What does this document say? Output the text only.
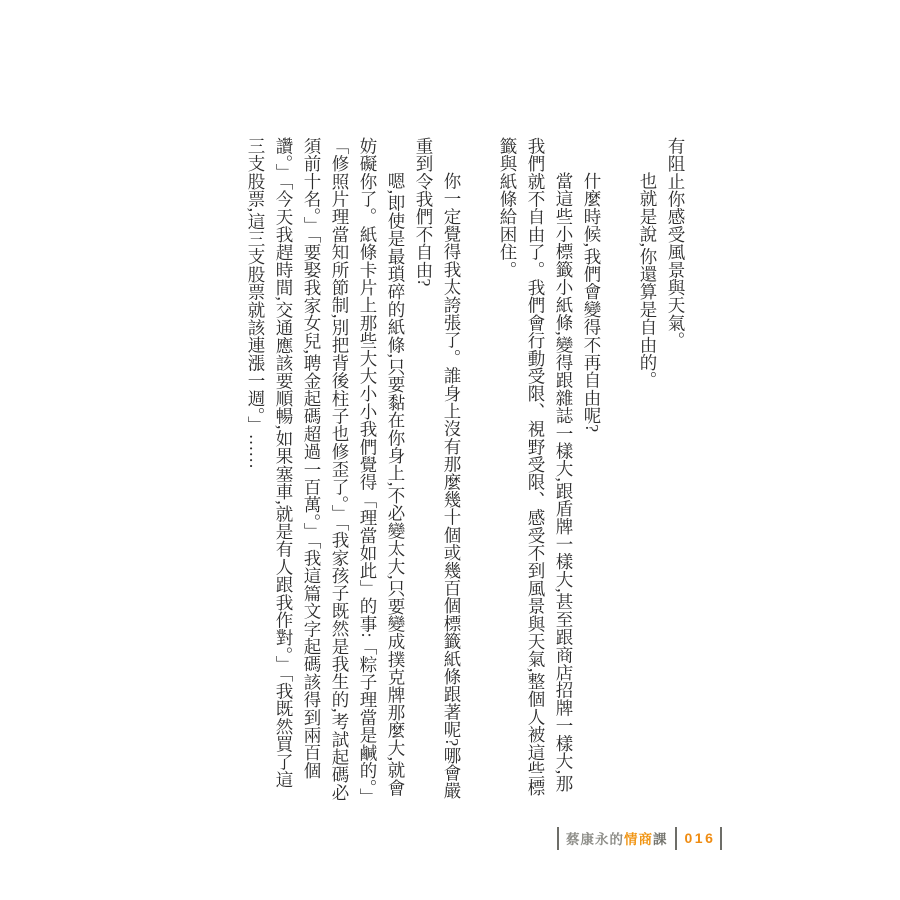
有阻止你感受風景與天氣。

也就是說,你還算是自由的。

什麼時候,我們會變得不再自由呢?

當這些小標籤小紙條,變得跟雜誌一樣大,跟盾牌一樣大,甚至跟商店招牌一樣大,那我們就不自由了。我們會行動受限、視野受限、感受不到風景與天氣,整個人被這些標籤與紙條給困住。

你一定覺得我太誇張了。誰身上沒有那麼幾十個或幾百個標籤紙條跟著呢?哪會嚴重到令我們不自由?

嗯,即使是最瑣碎的紙條,只要黏在你身上,不必變太大,只要變成撲克牌那麼大,就會妨礙你了。紙條卡片上那些大大小小我們覺得「理當如此」的事:「粽子理當是鹹的。」「修照片理當知所節制,別把背後柱子也修歪了。」「我家孩子既然是我生的,考試起碼必須前十名。」「要娶我家女兒,聘金起碼超過一百萬。」「我這篇文字起碼該得到兩百個讚。」「今天我趕時間,交通應該要順暢,如果塞車,就是有人跟我作對。」「我既然買了這三支股票,這三支股票就該連漲一週。」……

蔡康永的情商課 016
